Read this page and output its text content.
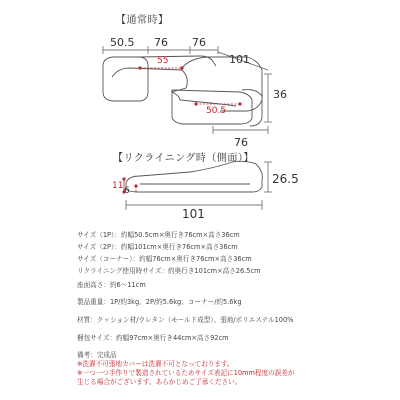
【通常時】
【リクライニング時（側面）】
50.5 76 76
101
55
36
50.5
76
11 6
26.5
101
サイズ（1P）：約幅50.5cm×奥行き76cm×高さ36cm
サイズ（2P）：約幅101cm×奥行き76cm×高さ36cm
サイズ（コーナー）：約幅76cm×奥行き76cm×高さ36cm
リクライニング使用時サイズ：約奥行き101cm×高さ26.5cm
座面高さ：約6〜11cm
製品重量：1P/約3kg、2P/約5.6kg、コーナー/約5.6kg
材質：クッション材/ウレタン（モールド成型）、張地/ポリエステル100%
梱包サイズ：約幅97cm×奥行き44cm×高さ92cm
備考：完成品
※洗濯不可張地カバーは洗濯不可となっております。
※一つ一つ手作りで製造されているためサイズ表記に10mm程度の誤差が
生じる場合がございます。あらかじめご了承ください。
